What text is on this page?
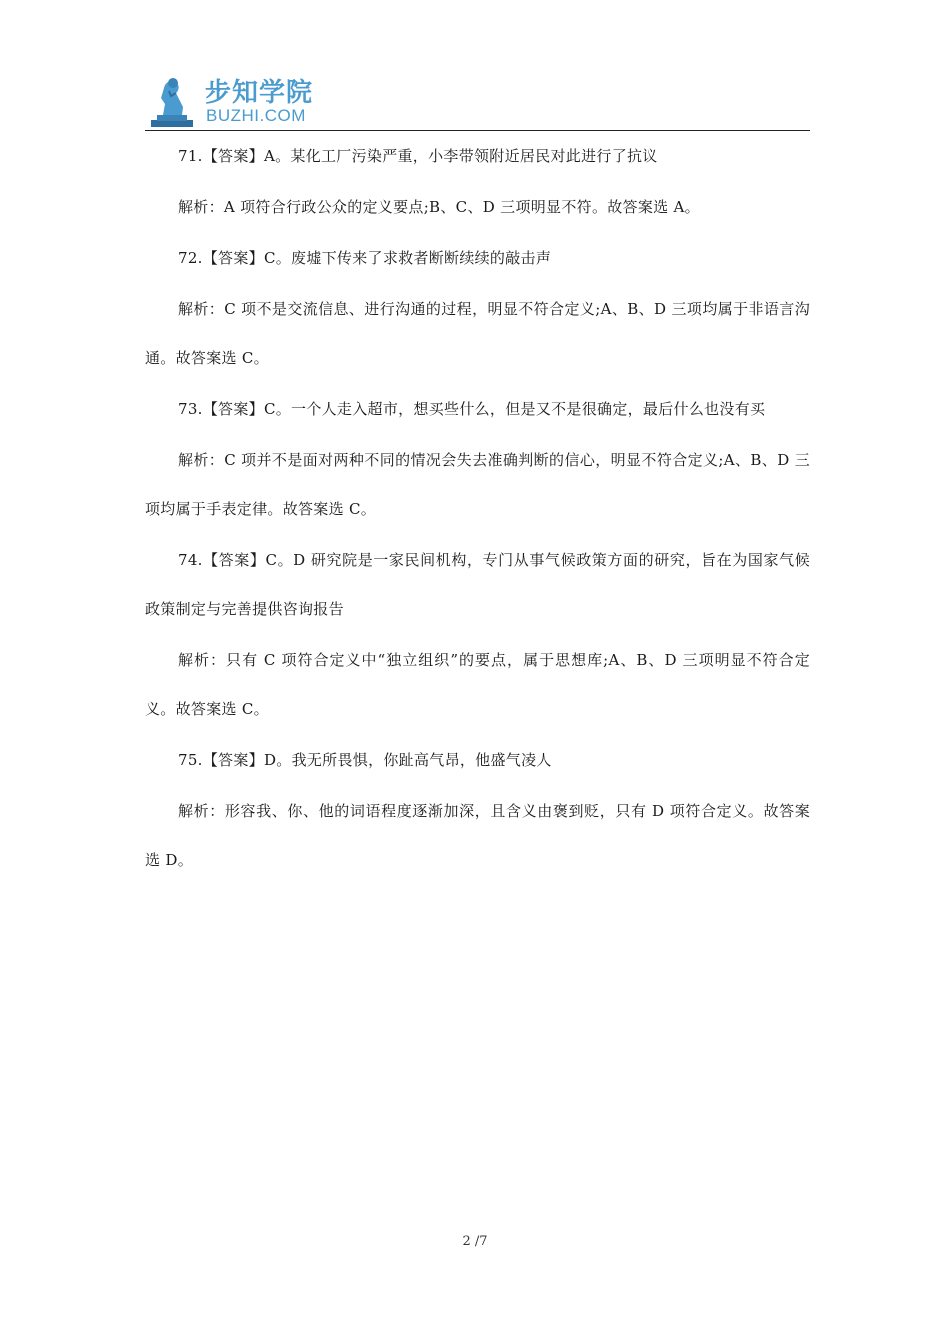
步知学院
BUZHI.COM

71.【答案】A。某化工厂污染严重，小李带领附近居民对此进行了抗议

解析：A 项符合行政公众的定义要点;B、C、D 三项明显不符。故答案选 A。

72.【答案】C。废墟下传来了求救者断断续续的敲击声

解析：C 项不是交流信息、进行沟通的过程，明显不符合定义;A、B、D 三项均属于非语言沟通。故答案选 C。

73.【答案】C。一个人走入超市，想买些什么，但是又不是很确定，最后什么也没有买

解析：C 项并不是面对两种不同的情况会失去准确判断的信心，明显不符合定义;A、B、D 三项均属于手表定律。故答案选 C。

74.【答案】C。D 研究院是一家民间机构，专门从事气候政策方面的研究，旨在为国家气候政策制定与完善提供咨询报告

解析：只有 C 项符合定义中“独立组织”的要点，属于思想库;A、B、D 三项明显不符合定义。故答案选 C。

75.【答案】D。我无所畏惧，你趾高气昂，他盛气凌人

解析：形容我、你、他的词语程度逐渐加深，且含义由褒到贬，只有 D 项符合定义。故答案选 D。

2 /7
